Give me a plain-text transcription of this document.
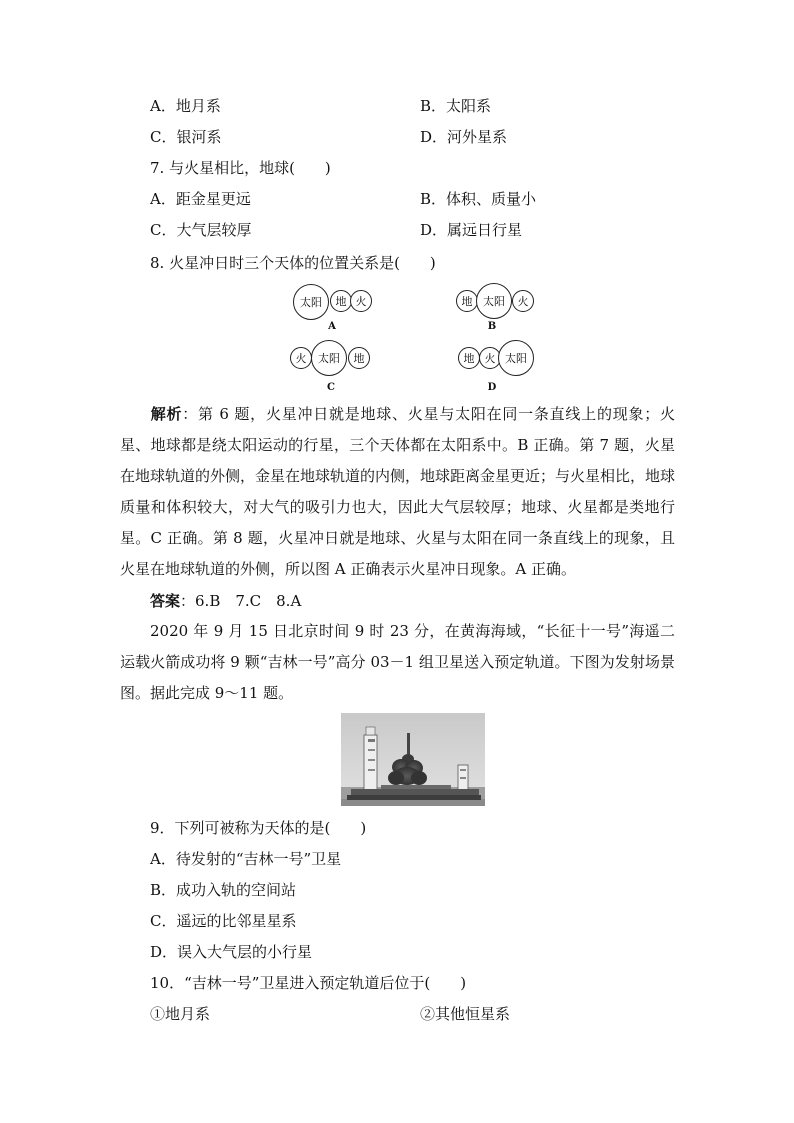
A．地月系	B．太阳系
C．银河系	D．河外星系
7. 与火星相比，地球(　　)
A．距金星更远	B．体积、质量小
C．大气层较厚	D．属远日行星
8. 火星冲日时三个天体的位置关系是(　　)
太阳	地 火
A
地 太阳	火
B
火	太阳	地
C
地 火 太阳
D
解析：第 6 题，火星冲日就是地球、火星与太阳在同一条直线上的现象；火星、地球都是绕太阳运动的行星，三个天体都在太阳系中。B 正确。第 7 题，火星在地球轨道的外侧，金星在地球轨道的内侧，地球距离金星更近；与火星相比，地球质量和体积较大，对大气的吸引力也大，因此大气层较厚；地球、火星都是类地行星。C 正确。第 8 题，火星冲日就是地球、火星与太阳在同一条直线上的现象，且火星在地球轨道的外侧，所以图 A 正确表示火星冲日现象。A 正确。
答案：6.B　7.C　8.A
2020 年 9 月 15 日北京时间 9 时 23 分，在黄海海域，“长征十一号”海遥二运载火箭成功将 9 颗“吉林一号”高分 03－1 组卫星送入预定轨道。下图为发射场景图。据此完成 9～11 题。
9．下列可被称为天体的是(　　)
A．待发射的“吉林一号”卫星
B．成功入轨的空间站
C．遥远的比邻星星系
D．误入大气层的小行星
10．“吉林一号”卫星进入预定轨道后位于(　　)
①地月系	②其他恒星系
